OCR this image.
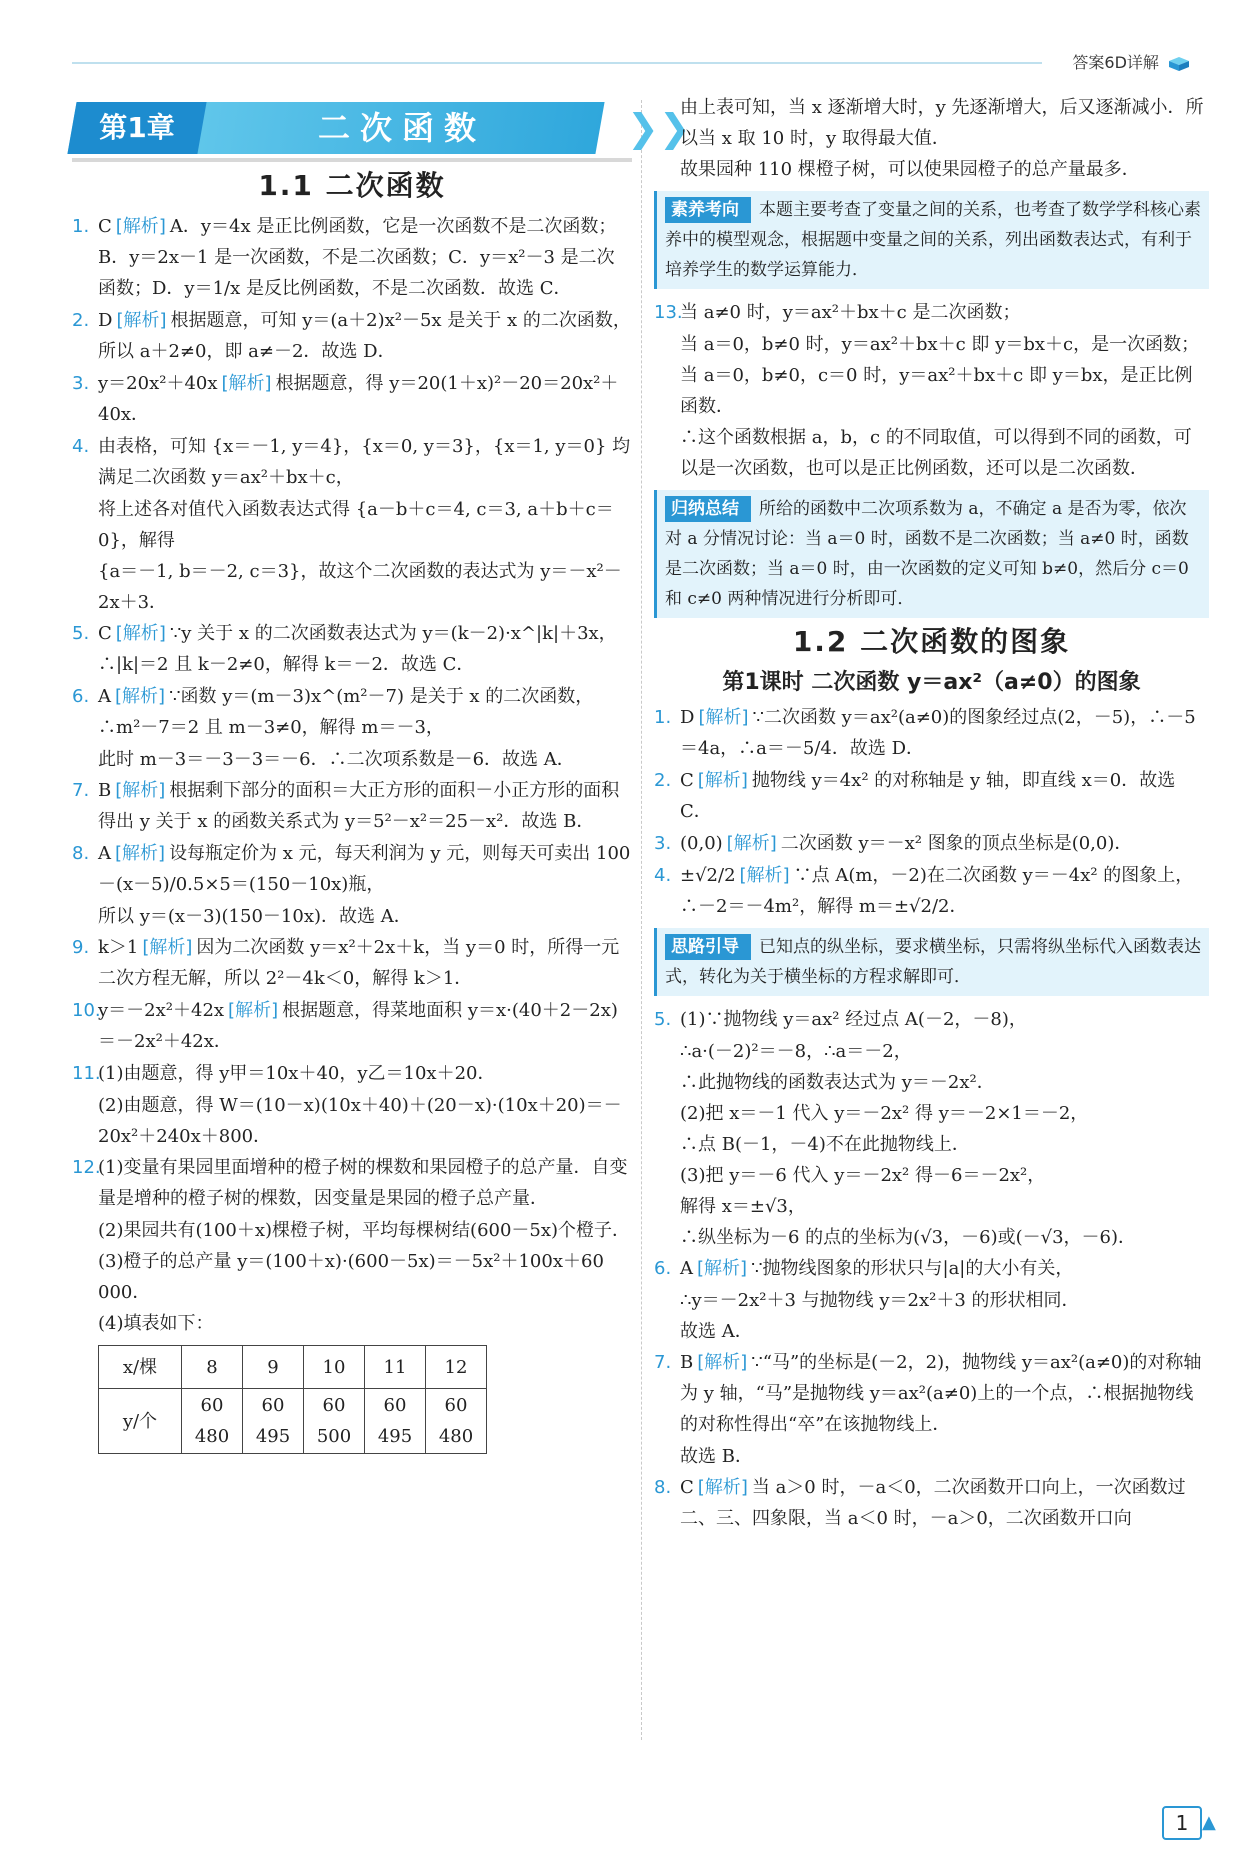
答案6D详解
第1章	二次函数	❯❯
1.1 二次函数
1. C [ 解析 ] A．y＝4x 是正比例函数，它是一次函数不是二次函数；B．y＝2x－1 是一次函数，不是二次函数；C．y＝x²－3 是二次函数；D．y＝1/x 是反比例函数，不是二次函数．故选 C．
2. D [ 解析 ] 根据题意，可知 y＝(a＋2)x²－5x 是关于 x 的二次函数，所以 a＋2≠0，即 a≠－2．故选 D．
3. y＝20x²＋40x [ 解析 ] 根据题意，得 y＝20(1＋x)²－20＝20x²＋40x．
4. 由表格，可知 {x＝－1, y＝4}，{x＝0, y＝3}，{x＝1, y＝0} 均满足二次函数 y＝ax²＋bx＋c，
将上述各对值代入函数表达式得 {a－b＋c＝4, c＝3, a＋b＋c＝0}，解得
{a＝－1, b＝－2, c＝3}，故这个二次函数的表达式为 y＝－x²－2x＋3．
5. C [ 解析 ] ∵y 关于 x 的二次函数表达式为 y＝(k－2)·x^|k|＋3x，∴|k|＝2 且 k－2≠0，解得 k＝－2．故选 C．
6. A [ 解析 ] ∵函数 y＝(m－3)x^(m²－7) 是关于 x 的二次函数，∴m²－7＝2 且 m－3≠0，解得 m＝－3，
此时 m－3＝－3－3＝－6．∴二次项系数是－6．故选 A．
7. B [ 解析 ] 根据剩下部分的面积＝大正方形的面积－小正方形的面积得出 y 关于 x 的函数关系式为 y＝5²－x²＝25－x²．故选 B．
8. A [ 解析 ] 设每瓶定价为 x 元，每天利润为 y 元，则每天可卖出 100－(x－5)/0.5×5＝(150－10x)瓶，
所以 y＝(x－3)(150－10x)．故选 A．
9. k＞1 [ 解析 ] 因为二次函数 y＝x²＋2x＋k，当 y＝0 时，所得一元二次方程无解，所以 2²－4k＜0，解得 k＞1．
10.
y＝－2x²＋42x [ 解析 ] 根据题意，得菜地面积 y＝x·(40＋2－2x)＝－2x²＋42x．
11.
(1)由题意，得 y甲＝10x＋40，y乙＝10x＋20．
(2)由题意，得 W＝(10－x)(10x＋40)＋(20－x)·(10x＋20)＝－20x²＋240x＋800．
12.
(1)变量有果园里面增种的橙子树的棵数和果园橙子的总产量．自变量是增种的橙子树的棵数，因变量是果园的橙子总产量．
(2)果园共有(100＋x)棵橙子树，平均每棵树结(600－5x)个橙子．
(3)橙子的总产量 y＝(100＋x)·(600－5x)＝－5x²＋100x＋60 000．
(4)填表如下：
x/棵	8	9	10	11	12
y/个	60 480	60 495	60 500	60 495	60 480
由上表可知，当 x 逐渐增大时，y 先逐渐增大，后又逐渐减小．所以当 x 取 10 时，y 取得最大值．
故果园种 110 棵橙子树，可以使果园橙子的总产量最多．
素养考向 本题主要考查了变量之间的关系，也考查了数学学科核心素养中的模型观念，根据题中变量之间的关系，列出函数表达式，有利于培养学生的数学运算能力．
13.
当 a≠0 时，y＝ax²＋bx＋c 是二次函数；
当 a＝0，b≠0 时，y＝ax²＋bx＋c 即 y＝bx＋c，是一次函数；
当 a＝0，b≠0，c＝0 时，y＝ax²＋bx＋c 即 y＝bx，是正比例函数．
∴这个函数根据 a，b，c 的不同取值，可以得到不同的函数，可以是一次函数，也可以是正比例函数，还可以是二次函数．
归纳总结 所给的函数中二次项系数为 a，不确定 a 是否为零，依次对 a 分情况讨论：当 a＝0 时，函数不是二次函数；当 a≠0 时，函数是二次函数；当 a＝0 时，由一次函数的定义可知 b≠0，然后分 c＝0 和 c≠0 两种情况进行分析即可．
1.2 二次函数的图象
第1课时 二次函数 y＝ax²（a≠0）的图象
1. D [ 解析 ] ∵二次函数 y＝ax²(a≠0)的图象经过点(2，－5)，∴－5＝4a，∴a＝－5/4．故选 D．
2. C [ 解析 ] 抛物线 y＝4x² 的对称轴是 y 轴，即直线 x＝0．故选 C．
3. (0,0) [ 解析 ] 二次函数 y＝－x² 图象的顶点坐标是(0,0)．
4. ±√2/2 [ 解析 ] ∵点 A(m，－2)在二次函数 y＝－4x² 的图象上，∴－2＝－4m²，解得 m＝±√2/2．
思路引导 已知点的纵坐标，要求横坐标，只需将纵坐标代入函数表达式，转化为关于横坐标的方程求解即可．
5. (1)∵抛物线 y＝ax² 经过点 A(－2，－8)，
∴a·(－2)²＝－8，∴a＝－2，
∴此抛物线的函数表达式为 y＝－2x²．
(2)把 x＝－1 代入 y＝－2x² 得 y＝－2×1＝－2，
∴点 B(－1，－4)不在此抛物线上．
(3)把 y＝－6 代入 y＝－2x² 得－6＝－2x²，
解得 x＝±√3，
∴纵坐标为－6 的点的坐标为(√3，－6)或(－√3，－6)．
6. A [ 解析 ] ∵抛物线图象的形状只与|a|的大小有关，
∴y＝－2x²＋3 与抛物线 y＝2x²＋3 的形状相同．
故选 A．
7. B [ 解析 ] ∵“马”的坐标是(－2，2)，抛物线 y＝ax²(a≠0)的对称轴为 y 轴，“马”是抛物线 y＝ax²(a≠0)上的一个点，∴根据抛物线的对称性得出“卒”在该抛物线上．
故选 B．
8. C [ 解析 ] 当 a＞0 时，－a＜0，二次函数开口向上，一次函数过二、三、四象限，当 a＜0 时，－a＞0，二次函数开口向
1 ▲
